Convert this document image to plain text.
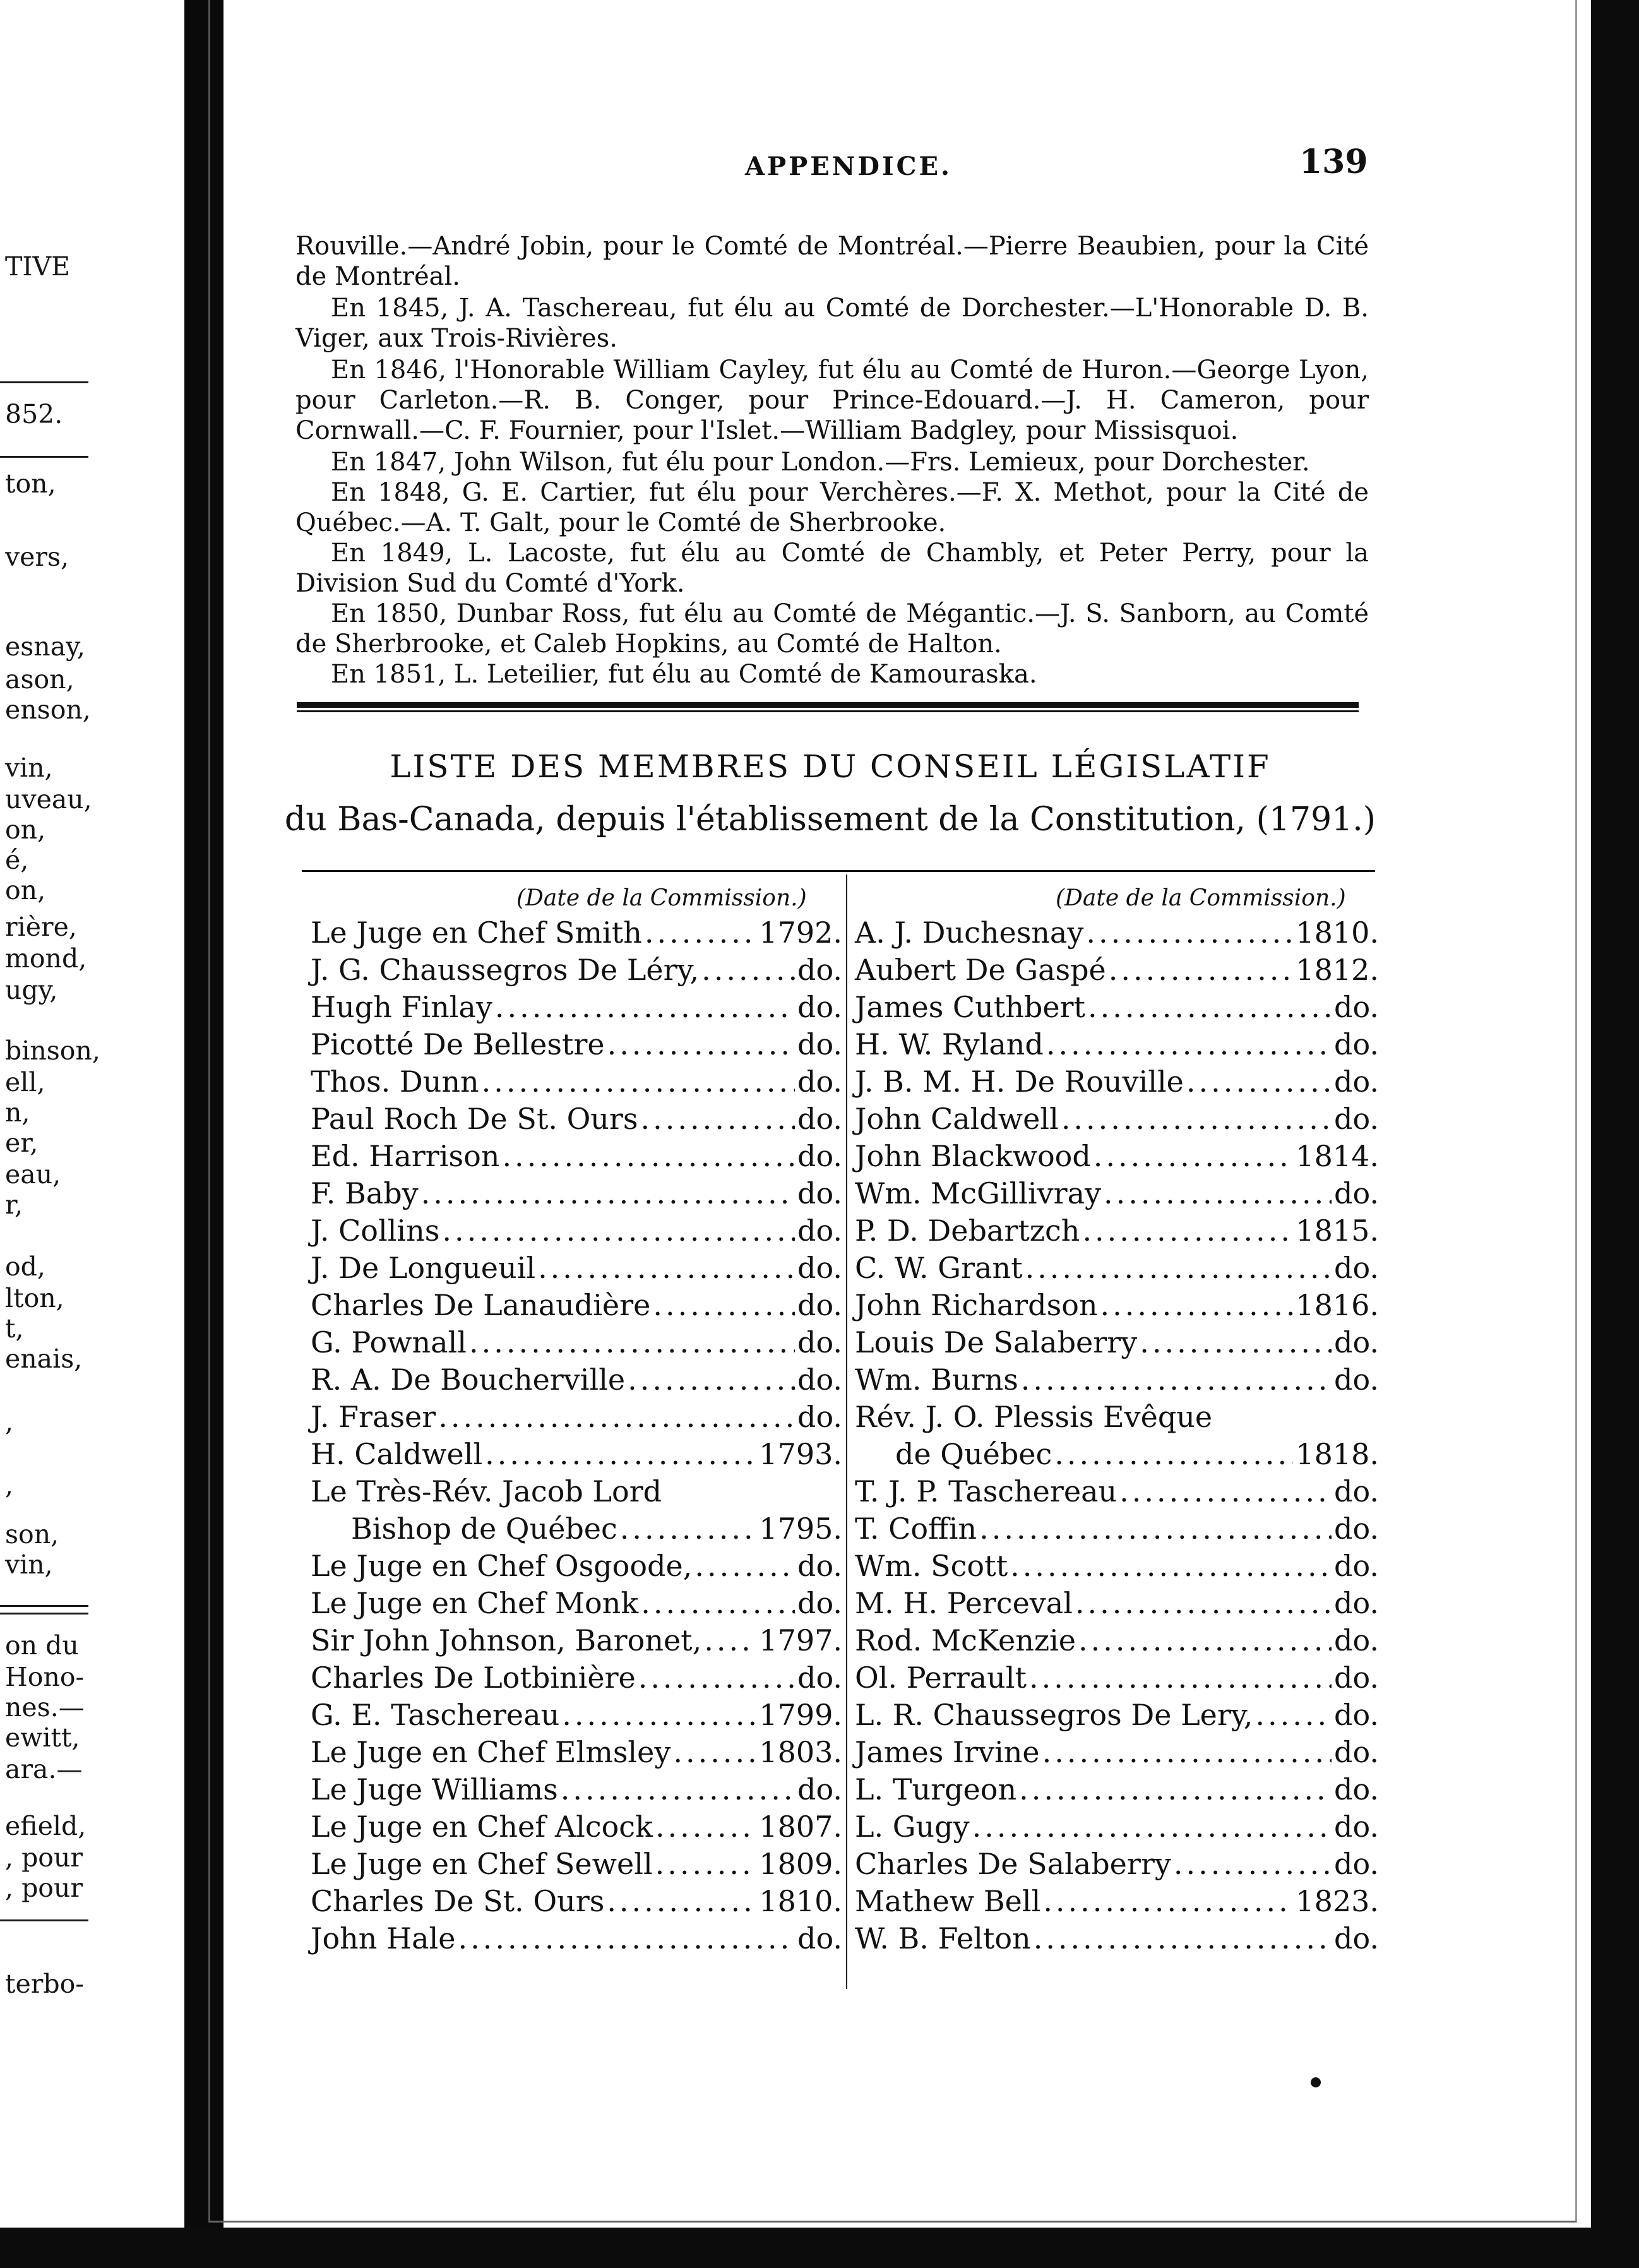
TIVE
852.
ton,
vers,
esnay,
ason,
enson,
vin,
uveau,
on,
é,
on,
rière,
mond,
ugy,
binson,
ell,
n,
er,
eau,
r,
od,
lton,
t,
enais,
,
,
son,
vin,
on du
Hono-
nes.—
ewitt,
ara.—
efield,
, pour
, pour
terbo-
APPENDICE.	139
Rouville.—André Jobin, pour le Comté de Montréal.—Pierre Beaubien, pour la Cité de Montréal.
En 1845, J. A. Taschereau, fut élu au Comté de Dorchester.—L'Honorable D. B. Viger, aux Trois-Rivières.
En 1846, l'Honorable William Cayley, fut élu au Comté de Huron.—George Lyon, pour Carleton.—R. B. Conger, pour Prince-Edouard.—J. H. Cameron, pour Cornwall.—C. F. Fournier, pour l'Islet.—William Badgley, pour Missisquoi.
En 1847, John Wilson, fut élu pour London.—Frs. Lemieux, pour Dorchester.
En 1848, G. E. Cartier, fut élu pour Verchères.—F. X. Methot, pour la Cité de Québec.—A. T. Galt, pour le Comté de Sherbrooke.
En 1849, L. Lacoste, fut élu au Comté de Chambly, et Peter Perry, pour la Division Sud du Comté d'York.
En 1850, Dunbar Ross, fut élu au Comté de Mégantic.—J. S. Sanborn, au Comté de Sherbrooke, et Caleb Hopkins, au Comté de Halton.
En 1851, L. Leteilier, fut élu au Comté de Kamouraska.
LISTE DES MEMBRES DU CONSEIL LÉGISLATIF
du Bas-Canada, depuis l'établissement de la Constitution, (1791.)
(Date de la Commission.)	(Date de la Commission.)
Le Juge en Chef Smith .....	1792.
J. G. Chaussegros De Léry, .....	do.
Hugh Finlay .....	do.
Picotté De Bellestre .....	do.
Thos. Dunn .....	do.
Paul Roch De St. Ours .....	do.
Ed. Harrison .....	do.
F. Baby .....	do.
J. Collins .....	do.
J. De Longueuil .....	do.
Charles De Lanaudière .....	do.
G. Pownall .....	do.
R. A. De Boucherville .....	do.
J. Fraser .....	do.
H. Caldwell .....	1793.
Le Très-Rév. Jacob Lord
Bishop de Québec .....	1795.
Le Juge en Chef Osgoode, .....	do.
Le Juge en Chef Monk .....	do.
Sir John Johnson, Baronet, ..... 1797.
Charles De Lotbinière .....	do.
G. E. Taschereau .....	1799.
Le Juge en Chef Elmsley .....	1803.
Le Juge Williams .....	do.
Le Juge en Chef Alcock .....	1807.
Le Juge en Chef Sewell .....	1809.
Charles De St. Ours .....	1810.
John Hale .....	do.
A. J. Duchesnay .....	1810.
Aubert De Gaspé .....	1812.
James Cuthbert .....	do.
H. W. Ryland .....	do.
J. B. M. H. De Rouville .....	do.
John Caldwell .....	do.
John Blackwood .....	1814.
Wm. McGillivray .....	do.
P. D. Debartzch .....	1815.
C. W. Grant .....	do.
John Richardson .....	1816.
Louis De Salaberry .....	do.
Wm. Burns .....	do.
Rév. J. O. Plessis Evêque
de Québec .....	1818.
T. J. P. Taschereau .....	do.
T. Coffin .....	do.
Wm. Scott .....	do.
M. H. Perceval .....	do.
Rod. McKenzie .....	do.
Ol. Perrault .....	do.
L. R. Chaussegros De Lery, .....	do.
James Irvine .....	do.
L. Turgeon .....	do.
L. Gugy .....	do.
Charles De Salaberry .....	do.
Mathew Bell .....	1823.
W. B. Felton .....	do.
